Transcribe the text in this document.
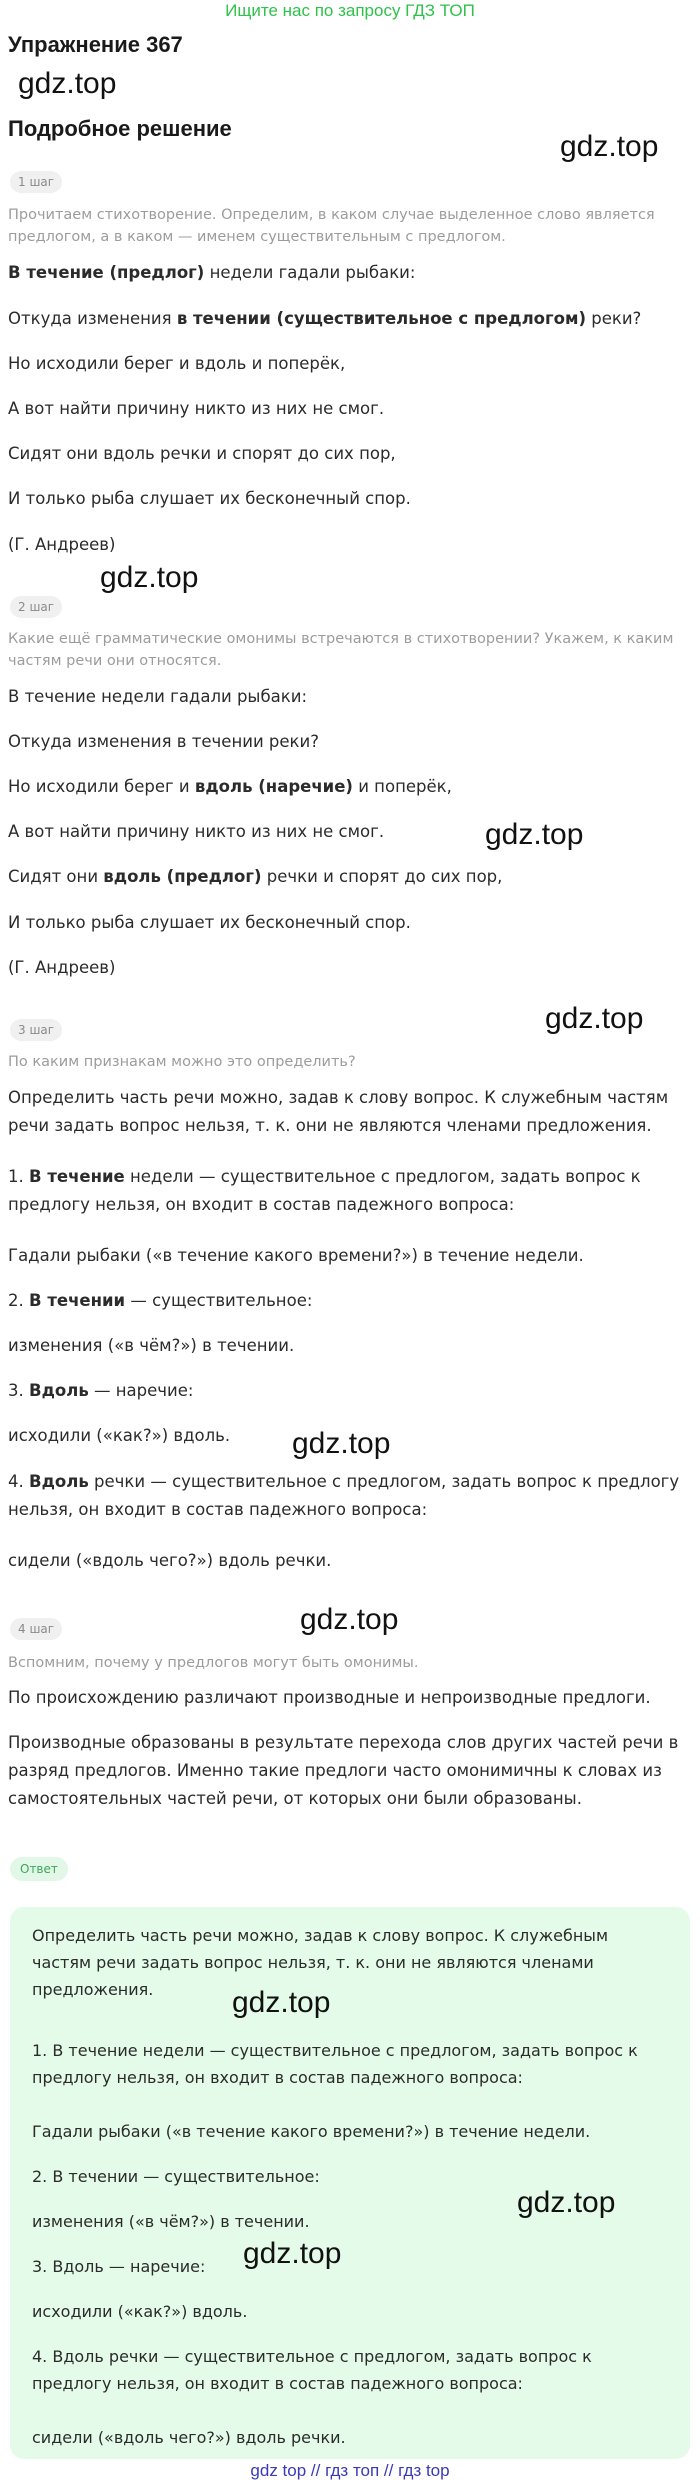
Ищите нас по запросу ГДЗ ТОП
Упражнение 367
gdz.top
Подробное решение
gdz.top
1 шаг
Прочитаем стихотворение. Определим, в каком случае выделенное слово является предлогом, а в каком — именем существительным с предлогом.
В течение (предлог) недели гадали рыбаки:
Откуда изменения в течении (существительное с предлогом) реки?
Но исходили берег и вдоль и поперёк,
А вот найти причину никто из них не смог.
Сидят они вдоль речки и спорят до сих пор,
И только рыба слушает их бесконечный спор.
(Г. Андреев)
gdz.top
2 шаг
Какие ещё грамматические омонимы встречаются в стихотворении? Укажем, к каким частям речи они относятся.
В течение недели гадали рыбаки:
Откуда изменения в течении реки?
Но исходили берег и вдоль (наречие) и поперёк,
А вот найти причину никто из них не смог.	gdz.top
Сидят они вдоль (предлог) речки и спорят до сих пор,
И только рыба слушает их бесконечный спор.
(Г. Андреев)
gdz.top
3 шаг
По каким признакам можно это определить?
Определить часть речи можно, задав к слову вопрос. К служебным частям речи задать вопрос нельзя, т. к. они не являются членами предложения.
1. В течение недели — существительное с предлогом, задать вопрос к предлогу нельзя, он входит в состав падежного вопроса:
Гадали рыбаки («в течение какого времени?») в течение недели.
2. В течении — существительное:
изменения («в чём?») в течении.
3. Вдоль — наречие:
исходили («как?») вдоль.	gdz.top
4. Вдоль речки — существительное с предлогом, задать вопрос к предлогу нельзя, он входит в состав падежного вопроса:
сидели («вдоль чего?») вдоль речки.
gdz.top
4 шаг
Вспомним, почему у предлогов могут быть омонимы.
По происхождению различают производные и непроизводные предлоги.
Производные образованы в результате перехода слов других частей речи в разряд предлогов. Именно такие предлоги часто омонимичны к словах из самостоятельных частей речи, от которых они были образованы.
Ответ
Определить часть речи можно, задав к слову вопрос. К служебным частям речи задать вопрос нельзя, т. к. они не являются членами предложения.	gdz.top
1. В течение недели — существительное с предлогом, задать вопрос к предлогу нельзя, он входит в состав падежного вопроса:
Гадали рыбаки («в течение какого времени?») в течение недели.
2. В течении — существительное:
изменения («в чём?») в течении.
gdz.top
3. Вдоль — наречие:	gdz.top
исходили («как?») вдоль.
4. Вдоль речки — существительное с предлогом, задать вопрос к предлогу нельзя, он входит в состав падежного вопроса:
сидели («вдоль чего?») вдоль речки.
gdz top // гдз топ // гдз top
